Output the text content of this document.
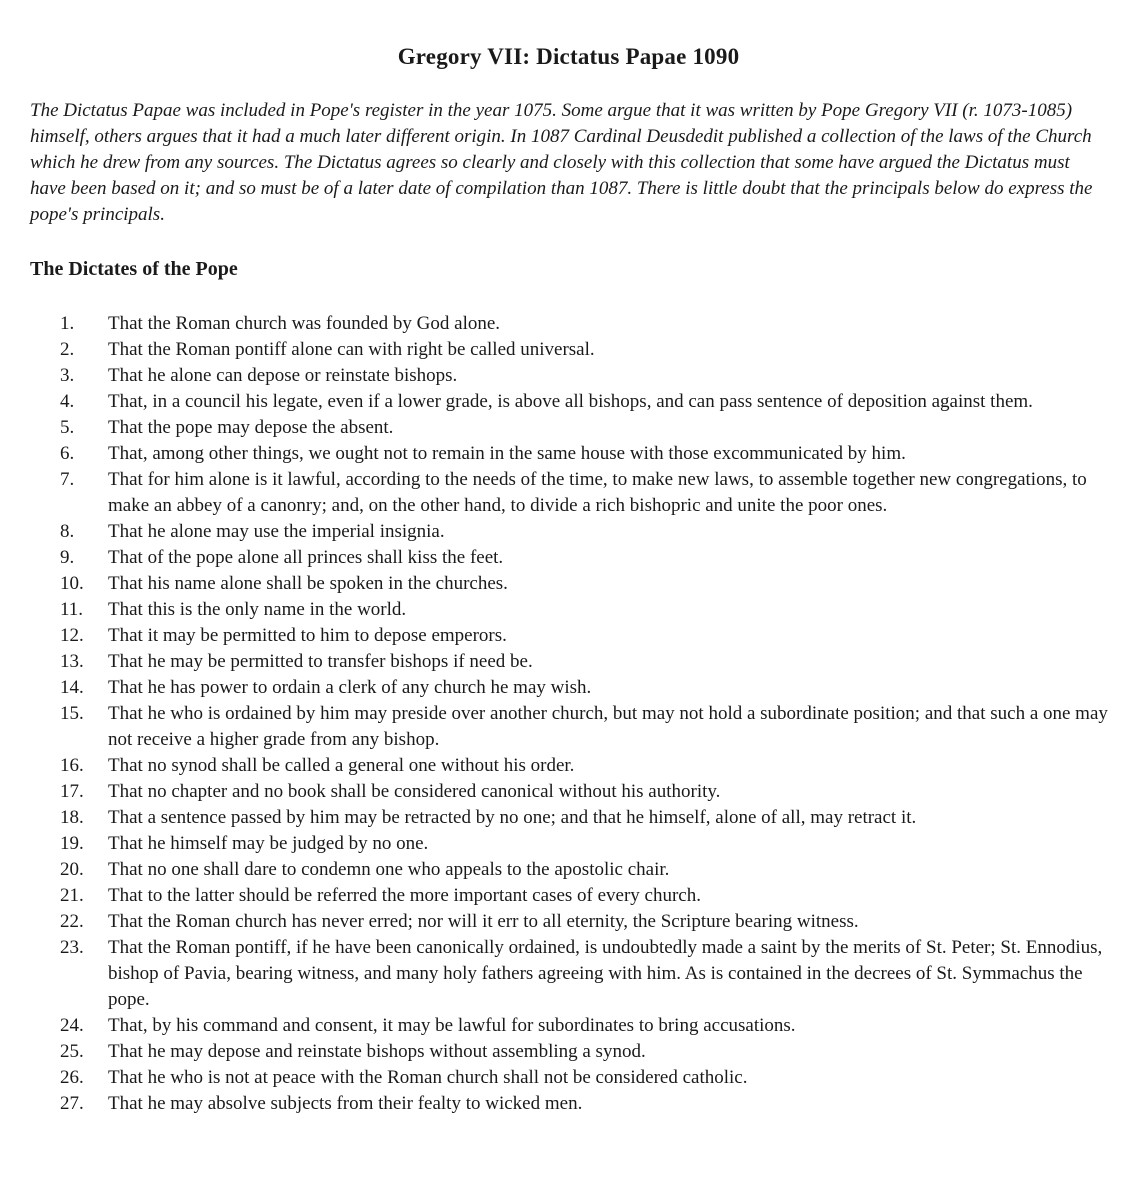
Gregory VII: Dictatus Papae 1090
The Dictatus Papae was included in Pope's register in the year 1075. Some argue that it was written by Pope Gregory VII (r. 1073-1085) himself, others argues that it had a much later different origin. In 1087 Cardinal Deusdedit published a collection of the laws of the Church which he drew from any sources. The Dictatus agrees so clearly and closely with this collection that some have argued the Dictatus must have been based on it; and so must be of a later date of compilation than 1087. There is little doubt that the principals below do express the pope's principals.
The Dictates of the Pope
1.	That the Roman church was founded by God alone.
2.	That the Roman pontiff alone can with right be called universal.
3.	That he alone can depose or reinstate bishops.
4.	That, in a council his legate, even if a lower grade, is above all bishops, and can pass sentence of deposition against them.
5.	That the pope may depose the absent.
6.	That, among other things, we ought not to remain in the same house with those excommunicated by him.
7.	That for him alone is it lawful, according to the needs of the time, to make new laws, to assemble together new congregations, to make an abbey of a canonry; and, on the other hand, to divide a rich bishopric and unite the poor ones.
8.	That he alone may use the imperial insignia.
9.	That of the pope alone all princes shall kiss the feet.
10.	That his name alone shall be spoken in the churches.
11.	That this is the only name in the world.
12.	That it may be permitted to him to depose emperors.
13.	That he may be permitted to transfer bishops if need be.
14.	That he has power to ordain a clerk of any church he may wish.
15.	That he who is ordained by him may preside over another church, but may not hold a subordinate position; and that such a one may not receive a higher grade from any bishop.
16.	That no synod shall be called a general one without his order.
17.	That no chapter and no book shall be considered canonical without his authority.
18.	That a sentence passed by him may be retracted by no one; and that he himself, alone of all, may retract it.
19.	That he himself may be judged by no one.
20.	That no one shall dare to condemn one who appeals to the apostolic chair.
21.	That to the latter should be referred the more important cases of every church.
22.	That the Roman church has never erred; nor will it err to all eternity, the Scripture bearing witness.
23.	That the Roman pontiff, if he have been canonically ordained, is undoubtedly made a saint by the merits of St. Peter; St. Ennodius, bishop of Pavia, bearing witness, and many holy fathers agreeing with him. As is contained in the decrees of St. Symmachus the pope.
24.	That, by his command and consent, it may be lawful for subordinates to bring accusations.
25.	That he may depose and reinstate bishops without assembling a synod.
26.	That he who is not at peace with the Roman church shall not be considered catholic.
27.	That he may absolve subjects from their fealty to wicked men.
